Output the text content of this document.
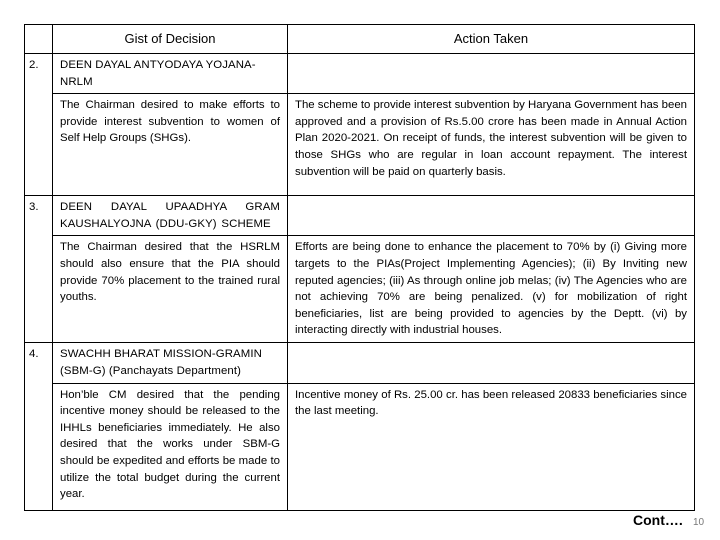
	Gist of Decision	Action Taken
2.	DEEN DAYAL ANTYODAYA YOJANA-NRLM	
	The Chairman desired to make efforts to provide interest subvention to women of Self Help Groups (SHGs).	The scheme to provide interest subvention by Haryana Government has been approved and a provision of Rs.5.00 crore has been made in Annual Action Plan 2020-2021. On receipt of funds, the interest subvention will be given to those SHGs who are regular in loan account repayment. The interest subvention will be paid on quarterly basis.
3.	DEEN DAYAL UPAADHYA GRAM KAUSHALYOJNA (DDU-GKY) SCHEME	
	The Chairman desired that the HSRLM should also ensure that the PIA should provide 70% placement to the trained rural youths.	Efforts are being done to enhance the placement to 70% by (i) Giving more targets to the PIAs(Project Implementing Agencies); (ii) By Inviting new reputed agencies; (iii) As through online job melas; (iv) The Agencies who are not achieving 70% are being penalized. (v) for mobilization of right beneficiaries, list are being provided to agencies by the Deptt. (vi) by interacting directly with industrial houses.
4.	SWACHH BHARAT MISSION-GRAMIN (SBM-G) (Panchayats Department)	
	Hon’ble CM desired that the pending incentive money should be released to the IHHLs beneficiaries immediately. He also desired that the works under SBM-G should be expedited and efforts be made to utilize the total budget during the current year.	Incentive money of Rs. 25.00 cr. has been released 20833 beneficiaries since the last meeting.
Cont…. 10
